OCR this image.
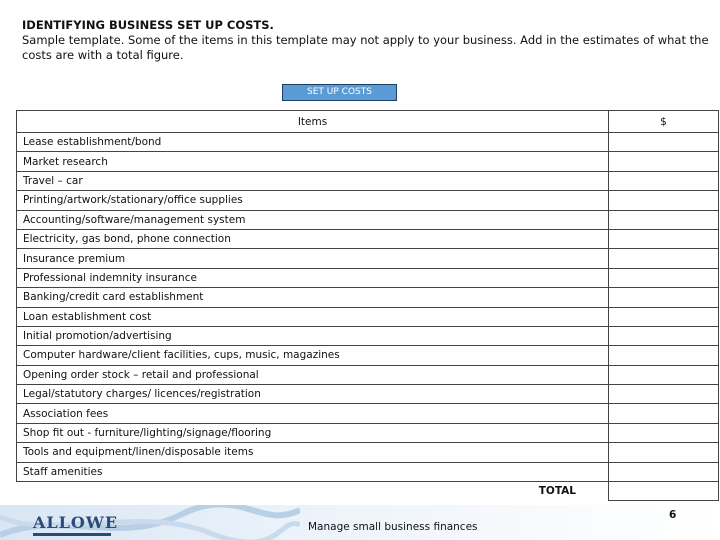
IDENTIFYING BUSINESS SET UP COSTS.
Sample template. Some of the items in this template may not apply to your business. Add in the estimates of what the costs are with a total figure.
SET UP COSTS
Items	$
Lease establishment/bond	
Market research	
Travel – car	
Printing/artwork/stationary/office supplies	
Accounting/software/management system	
Electricity, gas bond, phone connection	
Insurance premium	
Professional indemnity insurance	
Banking/credit card establishment	
Loan establishment cost	
Initial promotion/advertising	
Computer hardware/client facilities, cups, music, magazines	
Opening order stock – retail and professional	
Legal/statutory charges/ licences/registration	
Association fees	
Shop fit out - furniture/lighting/signage/flooring	
Tools and equipment/linen/disposable items	
Staff amenities	
TOTAL	
ALLOWE	Manage small business finances
6
